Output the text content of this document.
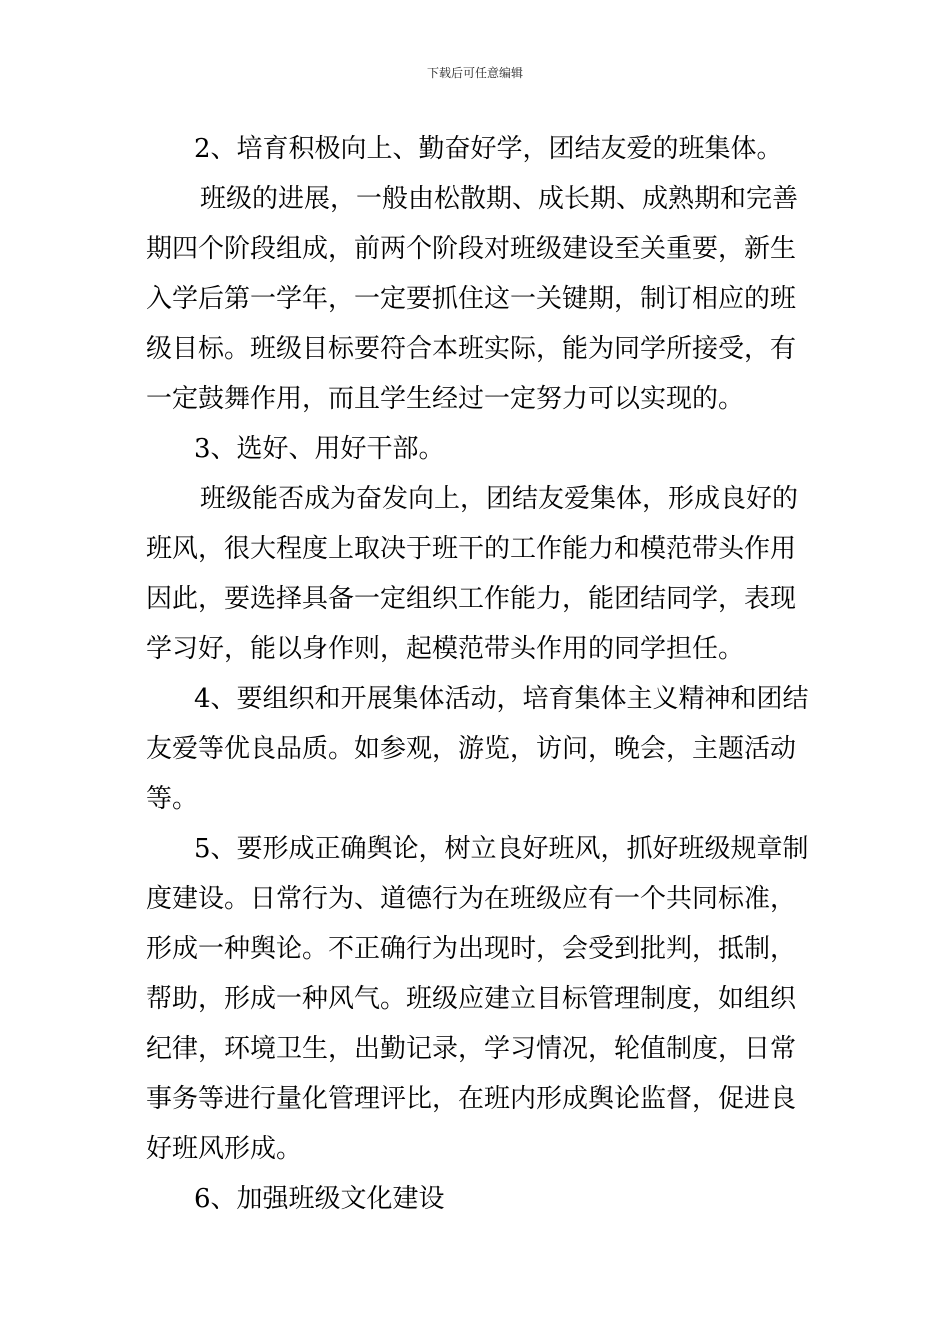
下载后可任意编辑
2、培育积极向上、勤奋好学，团结友爱的班集体。
班级的进展，一般由松散期、成长期、成熟期和完善
期四个阶段组成，前两个阶段对班级建设至关重要，新生
入学后第一学年，一定要抓住这一关键期，制订相应的班
级目标。班级目标要符合本班实际，能为同学所接受，有
一定鼓舞作用，而且学生经过一定努力可以实现的。
3、选好、用好干部。
班级能否成为奋发向上，团结友爱集体，形成良好的
班风，很大程度上取决于班干的工作能力和模范带头作用
因此，要选择具备一定组织工作能力，能团结同学，表现
学习好，能以身作则，起模范带头作用的同学担任。
4、要组织和开展集体活动，培育集体主义精神和团结
友爱等优良品质。如参观，游览，访问，晚会，主题活动
等。
5、要形成正确舆论，树立良好班风，抓好班级规章制
度建设。日常行为、道德行为在班级应有一个共同标准，
形成一种舆论。不正确行为出现时，会受到批判，抵制，
帮助，形成一种风气。班级应建立目标管理制度，如组织
纪律，环境卫生，出勤记录，学习情况，轮值制度，日常
事务等进行量化管理评比，在班内形成舆论监督，促进良
好班风形成。
6、加强班级文化建设
